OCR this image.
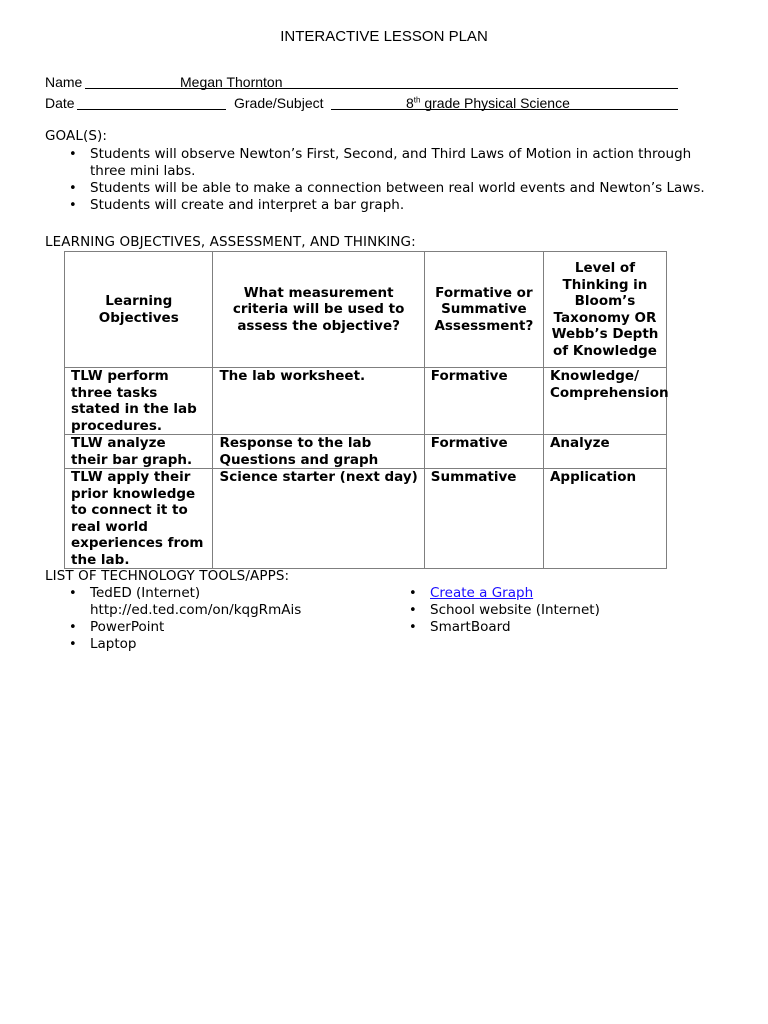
INTERACTIVE LESSON PLAN
Name	Megan Thornton
Date	Grade/Subject	8th grade Physical Science
GOAL(S):
• Students will observe Newton’s First, Second, and Third Laws of Motion in action through three mini labs.
• Students will be able to make a connection between real world events and Newton’s Laws.
• Students will create and interpret a bar graph.
LEARNING OBJECTIVES, ASSESSMENT, AND THINKING:
Learning Objectives	What measurement criteria will be used to assess the objective?	Formative or Summative Assessment?	Level of Thinking in Bloom’s Taxonomy OR Webb’s Depth of Knowledge
TLW perform three tasks stated in the lab procedures.	The lab worksheet.	Formative	Knowledge/ Comprehension
TLW analyze their bar graph.	Response to the lab Questions and graph	Formative	Analyze
TLW apply their prior knowledge to connect it to real world experiences from the lab.	Science starter (next day)	Summative	Application
LIST OF TECHNOLOGY TOOLS/APPS:
• TedED (Internet) http://ed.ted.com/on/kqgRmAis
• PowerPoint
• Laptop
• Create a Graph
• School website (Internet)
• SmartBoard
